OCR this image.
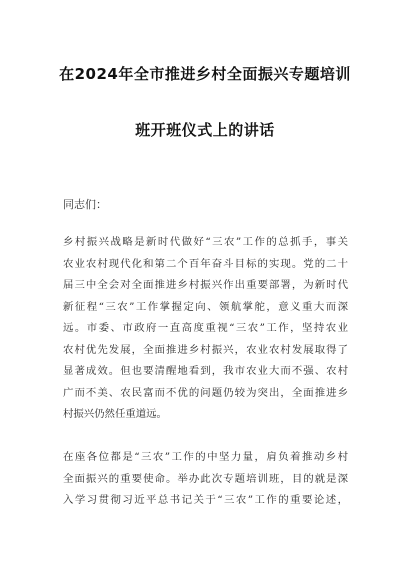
在2024年全市推进乡村全面振兴专题培训
班开班仪式上的讲话
同志们：
乡村振兴战略是新时代做好“三农”工作的总抓手，事关
农业农村现代化和第二个百年奋斗目标的实现。党的二十
届三中全会对全面推进乡村振兴作出重要部署，为新时代
新征程“三农”工作掌握定向、领航掌舵，意义重大而深
远。市委、市政府一直高度重视“三农”工作，坚持农业
农村优先发展，全面推进乡村振兴，农业农村发展取得了
显著成效。但也要清醒地看到，我市农业大而不强、农村
广而不美、农民富而不优的问题仍较为突出，全面推进乡
村振兴仍然任重道远。
在座各位都是“三农”工作的中坚力量，肩负着推动乡村
全面振兴的重要使命。举办此次专题培训班，目的就是深
入学习贯彻习近平总书记关于“三农”工作的重要论述，
